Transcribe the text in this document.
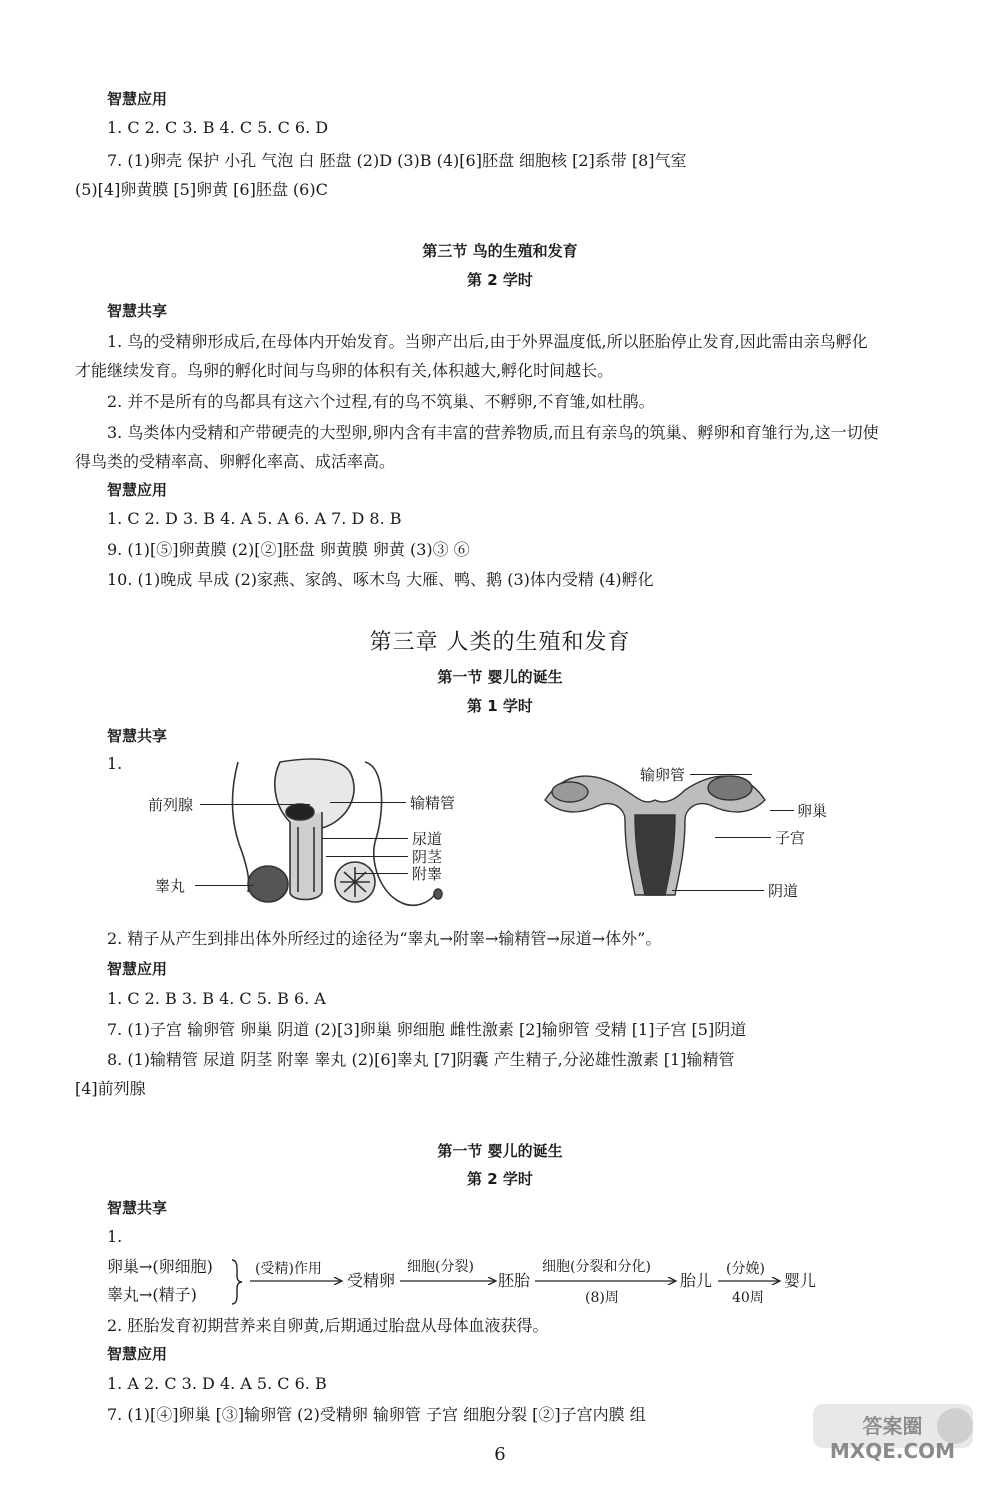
智慧应用
1. C 2. C 3. B 4. C 5. C 6. D
7. (1)卵壳 保护 小孔 气泡 白 胚盘 (2)D (3)B (4)[6]胚盘 细胞核 [2]系带 [8]气室
(5)[4]卵黄膜 [5]卵黄 [6]胚盘 (6)C
第三节 鸟的生殖和发育
第 2 学时
智慧共享
1. 鸟的受精卵形成后,在母体内开始发育。当卵产出后,由于外界温度低,所以胚胎停止发育,因此需由亲鸟孵化
才能继续发育。鸟卵的孵化时间与鸟卵的体积有关,体积越大,孵化时间越长。
2. 并不是所有的鸟都具有这六个过程,有的鸟不筑巢、不孵卵,不育雏,如杜鹃。
3. 鸟类体内受精和产带硬壳的大型卵,卵内含有丰富的营养物质,而且有亲鸟的筑巢、孵卵和育雏行为,这一切使
得鸟类的受精率高、卵孵化率高、成活率高。
智慧应用
1. C 2. D 3. B 4. A 5. A 6. A 7. D 8. B
9. (1)[⑤]卵黄膜 (2)[②]胚盘 卵黄膜 卵黄 (3)③ ⑥
10. (1)晚成 早成 (2)家燕、家鸽、啄木鸟 大雁、鸭、鹅 (3)体内受精 (4)孵化
第三章 人类的生殖和发育
第一节 婴儿的诞生
第 1 学时
智慧共享
1.
前列腺	输精管
尿道
阴茎
附睾
睾丸
输卵管
卵巢
子宫
阴道
2. 精子从产生到排出体外所经过的途径为“睾丸→附睾→输精管→尿道→体外”。
智慧应用
1. C 2. B 3. B 4. C 5. B 6. A
7. (1)子宫 输卵管 卵巢 阴道 (2)[3]卵巢 卵细胞 雌性激素 [2]输卵管 受精 [1]子宫 [5]阴道
8. (1)输精管 尿道 阴茎 附睾 睾丸 (2)[6]睾丸 [7]阴囊 产生精子,分泌雄性激素 [1]输精管
[4]前列腺
第一节 婴儿的诞生
第 2 学时
智慧共享
1.
卵巢→(卵细胞)
睾丸→(精子)
(受精)作用
受精卵
细胞(分裂)
胚胎
细胞(分裂和分化)
(8)周
胎儿
(分娩)
40周
婴儿
2. 胚胎发育初期营养来自卵黄,后期通过胎盘从母体血液获得。
智慧应用
1. A 2. C 3. D 4. A 5. C 6. B
7. (1)[④]卵巢 [③]输卵管 (2)受精卵 输卵管 子宫 细胞分裂 [②]子宫内膜 组
6
答案圈 MXQE.COM
